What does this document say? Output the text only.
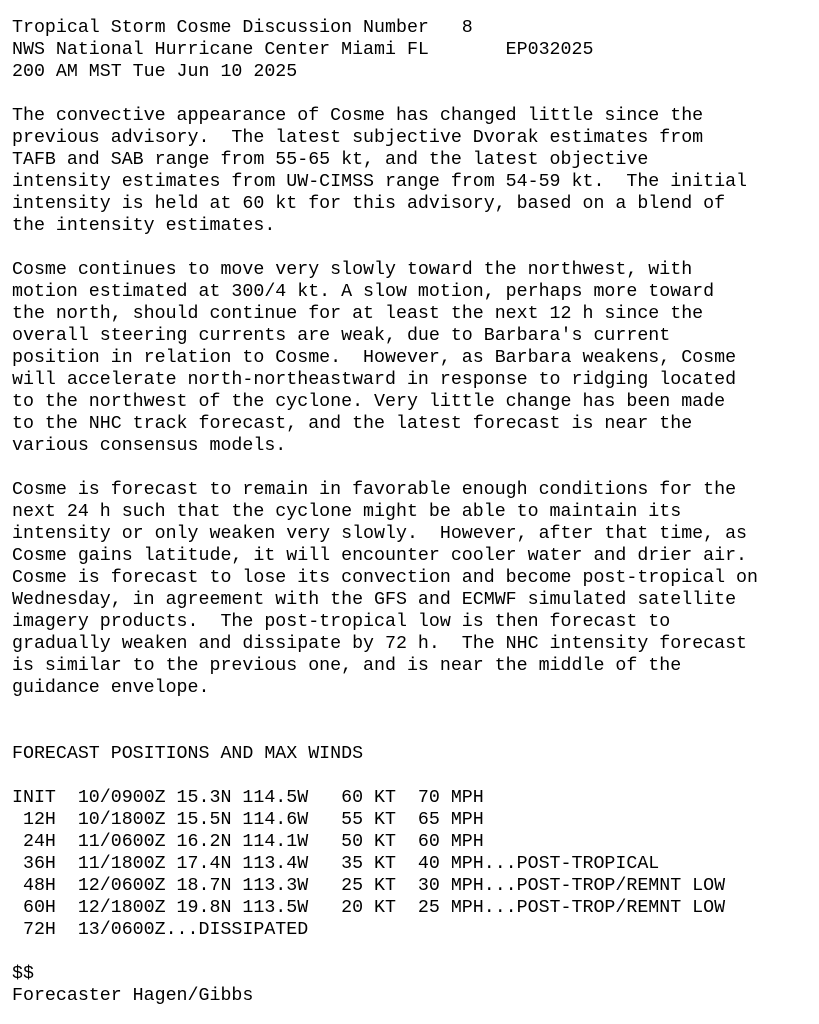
Tropical Storm Cosme Discussion Number   8
NWS National Hurricane Center Miami FL       EP032025
200 AM MST Tue Jun 10 2025
The convective appearance of Cosme has changed little since the
previous advisory.  The latest subjective Dvorak estimates from
TAFB and SAB range from 55-65 kt, and the latest objective
intensity estimates from UW-CIMSS range from 54-59 kt.  The initial
intensity is held at 60 kt for this advisory, based on a blend of
the intensity estimates.
Cosme continues to move very slowly toward the northwest, with
motion estimated at 300/4 kt. A slow motion, perhaps more toward
the north, should continue for at least the next 12 h since the
overall steering currents are weak, due to Barbara's current
position in relation to Cosme.  However, as Barbara weakens, Cosme
will accelerate north-northeastward in response to ridging located
to the northwest of the cyclone. Very little change has been made
to the NHC track forecast, and the latest forecast is near the
various consensus models.
Cosme is forecast to remain in favorable enough conditions for the
next 24 h such that the cyclone might be able to maintain its
intensity or only weaken very slowly.  However, after that time, as
Cosme gains latitude, it will encounter cooler water and drier air.
Cosme is forecast to lose its convection and become post-tropical on
Wednesday, in agreement with the GFS and ECMWF simulated satellite
imagery products.  The post-tropical low is then forecast to
gradually weaken and dissipate by 72 h.  The NHC intensity forecast
is similar to the previous one, and is near the middle of the
guidance envelope.
FORECAST POSITIONS AND MAX WINDS
INIT  10/0900Z 15.3N 114.5W   60 KT  70 MPH
12H  10/1800Z 15.5N 114.6W   55 KT  65 MPH
24H  11/0600Z 16.2N 114.1W   50 KT  60 MPH
36H  11/1800Z 17.4N 113.4W   35 KT  40 MPH...POST-TROPICAL
48H  12/0600Z 18.7N 113.3W   25 KT  30 MPH...POST-TROP/REMNT LOW
60H  12/1800Z 19.8N 113.5W   20 KT  25 MPH...POST-TROP/REMNT LOW
72H  13/0600Z...DISSIPATED
$$
Forecaster Hagen/Gibbs
